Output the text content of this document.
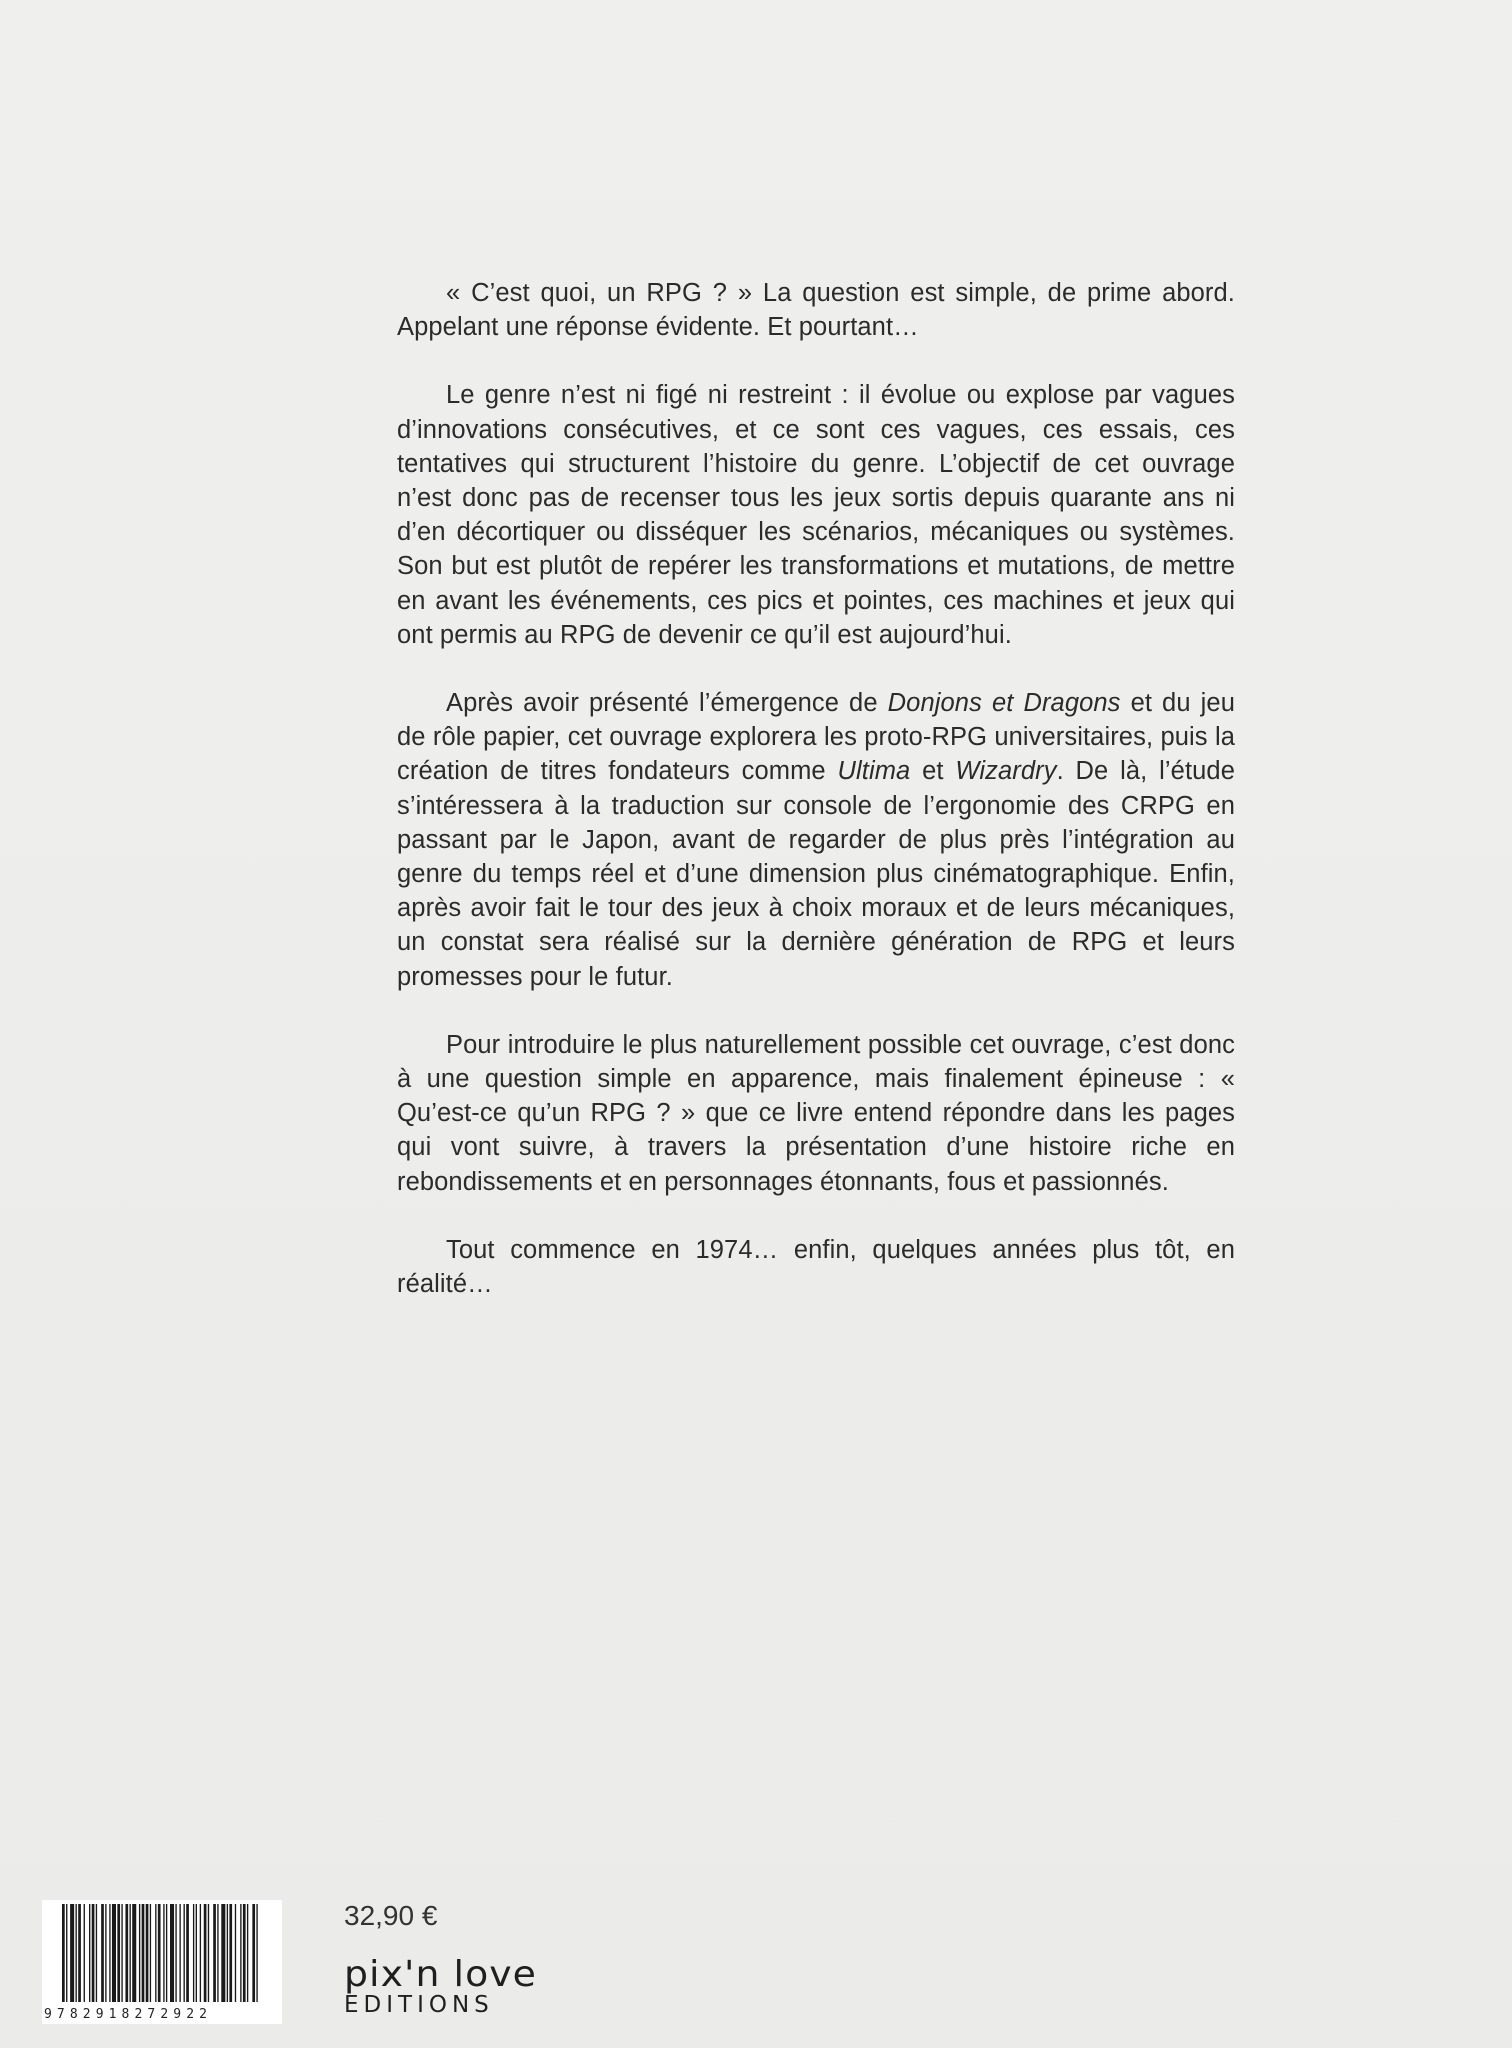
« C’est quoi, un RPG ? » La question est simple, de prime abord. Appelant une réponse évidente. Et pourtant…

Le genre n’est ni figé ni restreint : il évolue ou explose par vagues d’innovations consécutives, et ce sont ces vagues, ces essais, ces tentatives qui structurent l’histoire du genre. L’objectif de cet ouvrage n’est donc pas de recenser tous les jeux sortis depuis quarante ans ni d’en décortiquer ou disséquer les scénarios, mécaniques ou systèmes. Son but est plutôt de repérer les transformations et mutations, de mettre en avant les événements, ces pics et pointes, ces machines et jeux qui ont permis au RPG de devenir ce qu’il est aujourd’hui.

Après avoir présenté l’émergence de Donjons et Dragons et du jeu de rôle papier, cet ouvrage explorera les proto-RPG universitaires, puis la création de titres fondateurs comme Ultima et Wizardry. De là, l’étude s’intéressera à la traduction sur console de l’ergonomie des CRPG en passant par le Japon, avant de regarder de plus près l’intégration au genre du temps réel et d’une dimension plus cinématographique. Enfin, après avoir fait le tour des jeux à choix moraux et de leurs mécaniques, un constat sera réalisé sur la dernière génération de RPG et leurs promesses pour le futur.

Pour introduire le plus naturellement possible cet ouvrage, c’est donc à une question simple en apparence, mais finalement épineuse : « Qu’est-ce qu’un RPG ? » que ce livre entend répondre dans les pages qui vont suivre, à travers la présentation d’une histoire riche en rebondissements et en personnages étonnants, fous et passionnés.

Tout commence en 1974… enfin, quelques années plus tôt, en réalité…

9782918272922
32,90 €
pix'n love
EDITIONS
